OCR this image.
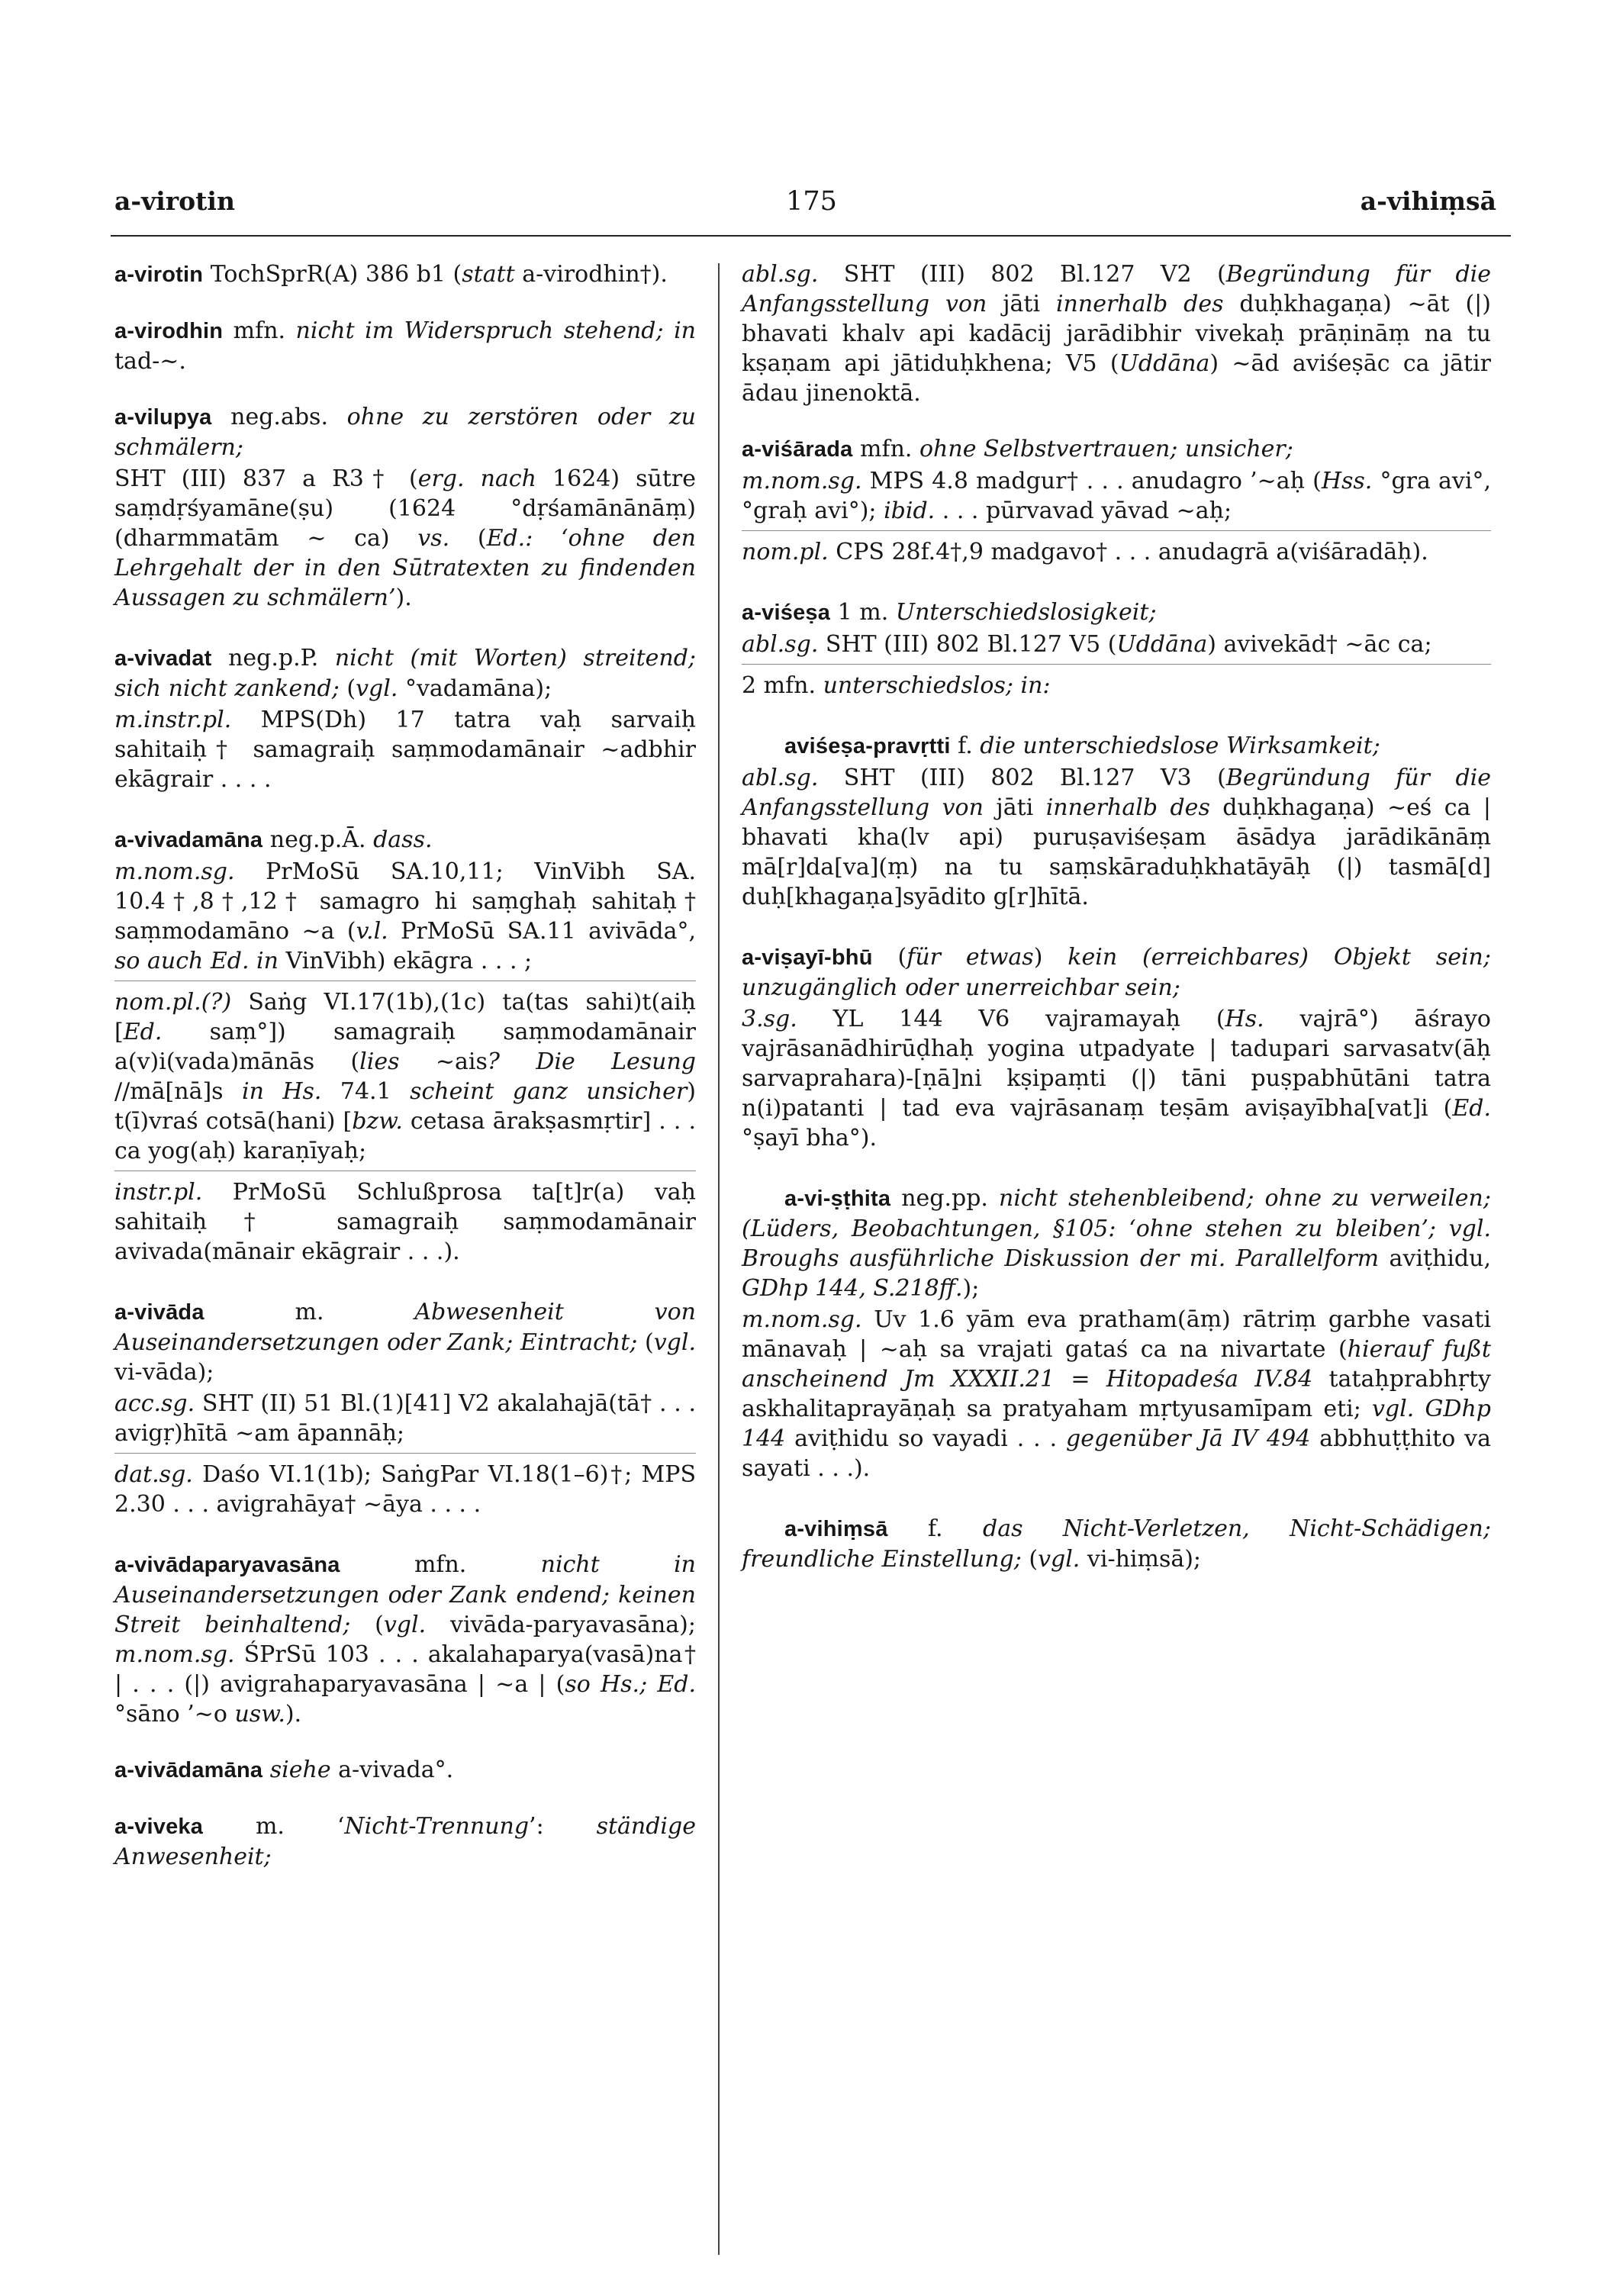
a-virotin	175	a-vihiṃsā

a-virotin TochSprR(A) 386 b1 (statt a-virodhin†).

a-virodhin mfn. nicht im Widerspruch stehend; in tad-~.

a-vilupya neg.abs. ohne zu zerstören oder zu schmälern;

SHT (III) 837 a R3† (erg. nach 1624) sūtre saṃdṛśyamāne(ṣu) (1624 °dṛśamānānāṃ) (dharmmatām ~ ca) vs. (Ed.: ‘ohne den Lehrgehalt der in den Sūtratexten zu findenden Aussagen zu schmälern’).

a-vivadat neg.p.P. nicht (mit Worten) streitend; sich nicht zankend; (vgl. °vadamāna);

m.instr.pl. MPS(Dh) 17 tatra vaḥ sarvaiḥ sahitaiḥ† samagraiḥ saṃmodamānair ~adbhir ekāgrair . . . .

a-vivadamāna neg.p.Ā. dass.

m.nom.sg. PrMoSū SA.10,11; VinVibh SA. 10.4†,8†,12† samagro hi saṃghaḥ sahitaḥ† saṃmodamāno ~a (v.l. PrMoSū SA.11 avivāda°, so auch Ed. in VinVibh) ekāgra . . . ;

nom.pl.(?) Saṅg VI.17(1b),(1c) ta(tas sahi)t(aiḥ [Ed. saṃ°]) samagraiḥ saṃmodamānair a(v)i(vada)mānās (lies ~ais? Die Lesung //mā[nā]s in Hs. 74.1 scheint ganz unsicher) t(ī)vraś cotsā(hani) [bzw. cetasa ārakṣasmṛtir] . . . ca yog(aḥ) karaṇīyaḥ;

instr.pl. PrMoSū Schlußprosa ta[t]r(a) vaḥ sahitaiḥ† samagraiḥ saṃmodamānair avivada(mānair ekāgrair . . .).

a-vivāda	m. Abwesenheit von Auseinandersetzungen oder Zank; Eintracht; (vgl. vi-vāda);

acc.sg. SHT (II) 51 Bl.(1)[41] V2 akalahajā(tā† . . . avigṛ)hītā ~am āpannāḥ;

dat.sg. Daśo VI.1(1b); SaṅgPar VI.18(1–6)†; MPS 2.30 . . . avigrahāya† ~āya . . . .

a-vivādaparyavasāna	mfn. nicht in Auseinandersetzungen oder Zank endend; keinen Streit beinhaltend; (vgl. vivāda-paryavasāna); m.nom.sg. ŚPrSū 103 . . . akalahaparya(vasā)na† | . . . (|) avigrahaparyavasāna | ~a | (so Hs.; Ed. °sāno ’~o usw.).

a-vivādamāna siehe a-vivada°.

a-viveka m. ‘Nicht-Trennung’: ständige Anwesenheit;

abl.sg. SHT (III) 802 Bl.127 V2 (Begründung für die Anfangsstellung von jāti innerhalb des duḥkhagaṇa) ~āt (|) bhavati khalv api kadācij jarādibhir vivekaḥ prāṇināṃ na tu kṣaṇam api jātiduḥkhena; V5 (Uddāna) ~ād aviśeṣāc ca jātir ādau jinenoktā.

a-viśārada mfn. ohne Selbstvertrauen; unsicher;

m.nom.sg. MPS 4.8 madgur† . . . anudagro ’~aḥ (Hss. °gra avi°, °graḥ avi°); ibid. . . . pūrvavad yāvad ~aḥ;

nom.pl. CPS 28f.4†,9 madgavo† . . . anudagrā a(viśāradāḥ).

a-viśeṣa 1 m. Unterschiedslosigkeit;

abl.sg. SHT (III) 802 Bl.127 V5 (Uddāna) avivekād† ~āc ca;

2 mfn. unterschiedslos; in:

aviśeṣa-pravṛtti f. die unterschiedslose Wirksamkeit;

abl.sg. SHT (III) 802 Bl.127 V3 (Begründung für die Anfangsstellung von jāti innerhalb des duḥkhagaṇa) ~eś ca | bhavati kha(lv api) puruṣaviśeṣam āsādya jarādikānāṃ mā[r]da[va](ṃ) na tu saṃskāraduḥkhatāyāḥ (|) tasmā[d] duḥ[khagaṇa]syādito g[r]hītā.

a-viṣayī-bhū (für etwas) kein (erreichbares) Objekt sein; unzugänglich oder unerreichbar sein;

3.sg. YL 144 V6 vajramayaḥ (Hs. vajrā°) āśrayo vajrāsanādhirūḍhaḥ yogina utpadyate | tadupari sarvasatv(āḥ sarvaprahara)-[ṇā]ni kṣipaṃti (|) tāni puṣpabhūtāni tatra n(i)patanti | tad eva vajrāsanaṃ teṣām aviṣayībha[vat]i (Ed. °ṣayī bha°).

a-vi-ṣṭhita neg.pp. nicht stehenbleibend; ohne zu verweilen; (Lüders, Beobachtungen, §105: ‘ohne stehen zu bleiben’; vgl. Broughs ausführliche Diskussion der mi. Parallelform aviṭhidu, GDhp 144, S.218ff.);

m.nom.sg. Uv 1.6 yām eva pratham(āṃ) rātriṃ garbhe vasati mānavaḥ | ~aḥ sa vrajati gataś ca na nivartate (hierauf fußt anscheinend Jm XXXII.21 = Hitopadeśa IV.84 tataḥprabhṛty askhalitaprayāṇaḥ sa pratyaham mṛtyusamīpam eti; vgl. GDhp 144 aviṭhidu so vayadi . . . gegenüber Jā IV 494 abbhuṭṭhito va sayati . . .).

a-vihiṃsā f. das Nicht-Verletzen, Nicht-Schädigen; freundliche Einstellung; (vgl. vi-hiṃsā);
